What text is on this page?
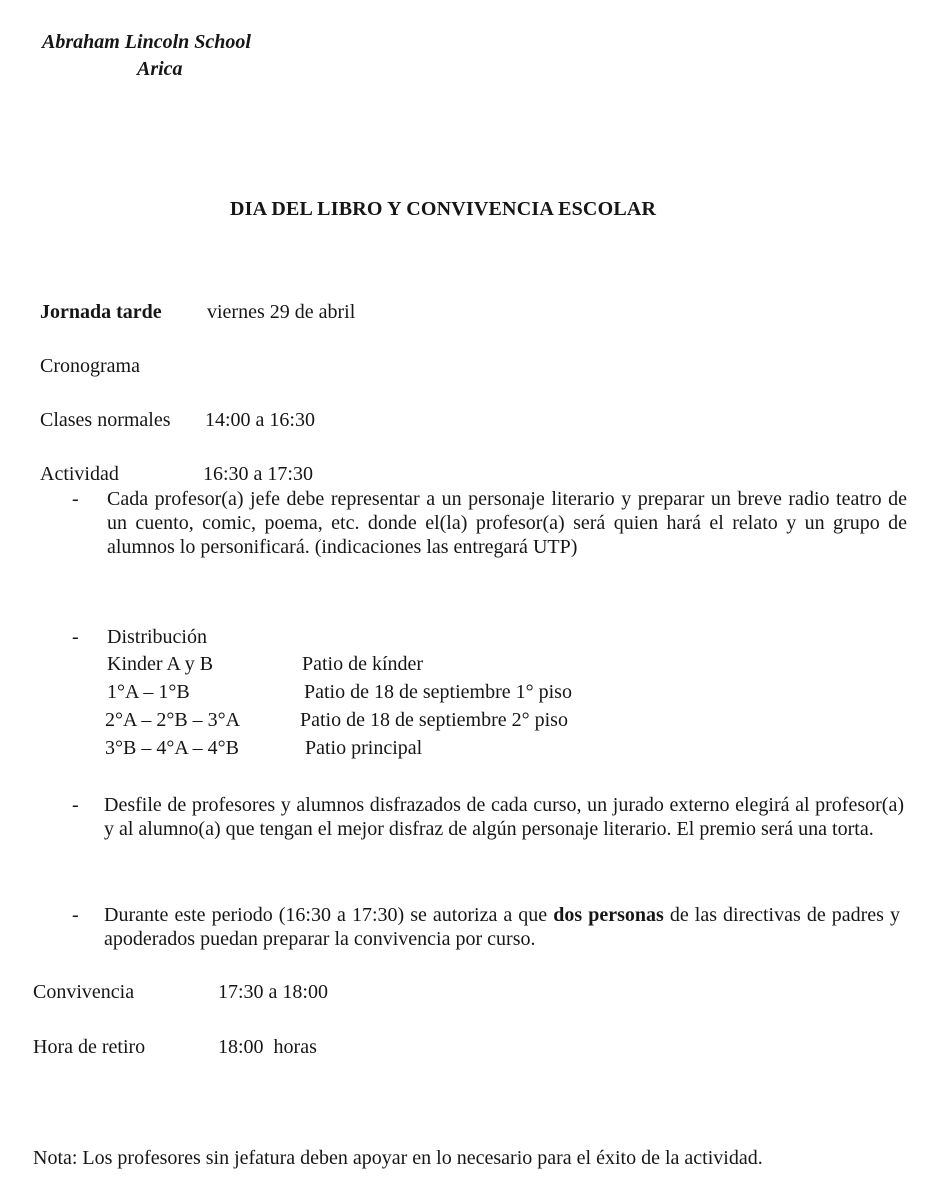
Abraham Lincoln School
Arica
DIA DEL LIBRO Y CONVIVENCIA ESCOLAR
Jornada tarde viernes 29 de abril
Cronograma
Clases normales 14:00 a 16:30
Actividad	16:30 a 17:30
- Cada profesor(a) jefe debe representar a un personaje literario y preparar un breve radio teatro de un cuento, comic, poema, etc. donde el(la) profesor(a) será quien hará el relato y un grupo de alumnos lo personificará. (indicaciones las entregará UTP)
- Distribución
Kinder A y B	Patio de kínder
1°A – 1°B	Patio de 18 de septiembre 1° piso
2°A – 2°B – 3°A	Patio de 18 de septiembre 2° piso
3°B – 4°A – 4°B	Patio principal
- Desfile de profesores y alumnos disfrazados de cada curso, un jurado externo elegirá al profesor(a) y al alumno(a) que tengan el mejor disfraz de algún personaje literario. El premio será una torta.
- Durante este periodo (16:30 a 17:30) se autoriza a que dos personas de las directivas de padres y apoderados puedan preparar la convivencia por curso.
Convivencia	17:30 a 18:00
Hora de retiro	18:00  horas
Nota: Los profesores sin jefatura deben apoyar en lo necesario para el éxito de la actividad.
